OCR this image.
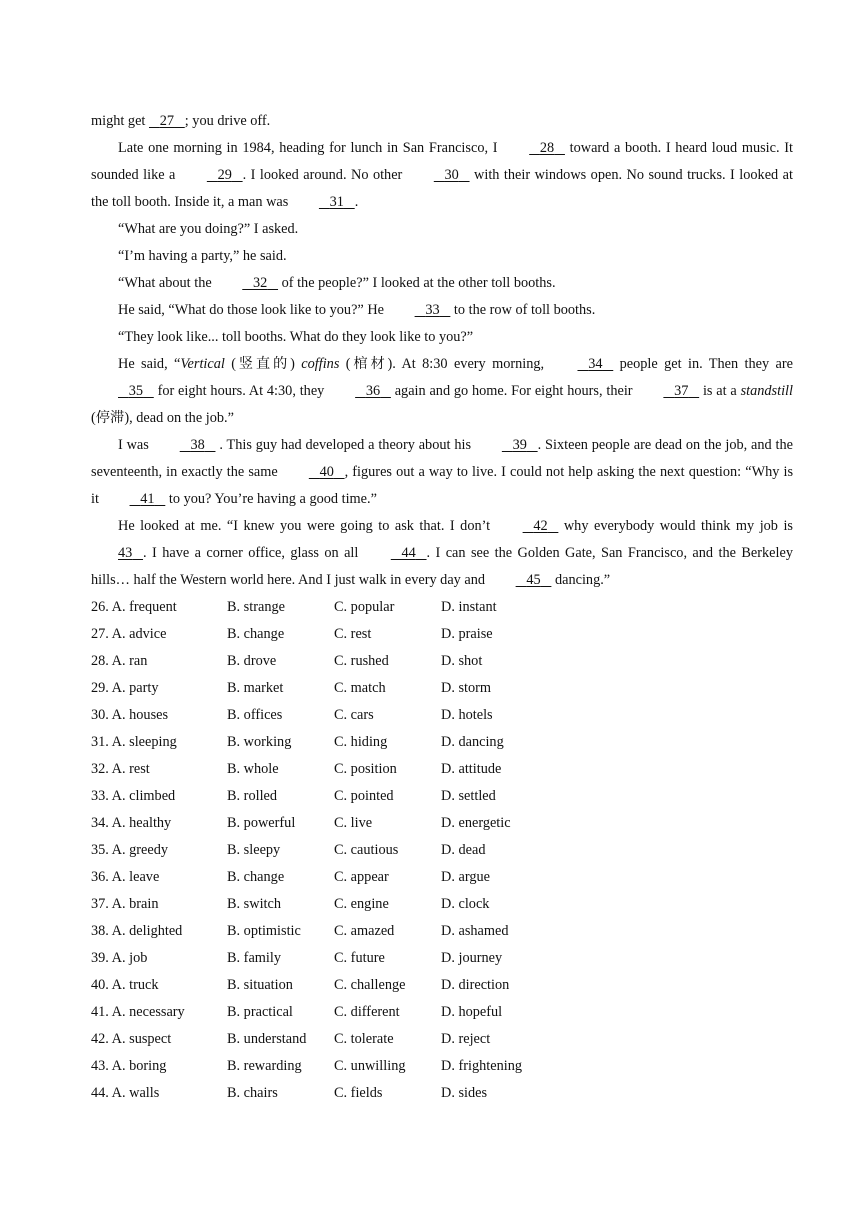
might get    27 ; you drive off.

Late one morning in 1984, heading for lunch in San Francisco, I	28    toward a booth. I heard loud music. It sounded like a	29 . I looked around. No other	30    with their windows open. No sound trucks. I looked at the toll booth. Inside it, a man was	31 .

“What are you doing?” I asked.

“I’m having a party,” he said.

“What about the	32    of the people?” I looked at the other toll booths.

He said, “What do those look like to you?” He	33    to the row of toll booths.

“They look like... toll booths. What do they look like to you?”

He said, “Vertical (竖直的) coffins (棺材). At 8:30 every morning,	34    people get in. Then they are    35    for eight hours. At 4:30, they	36    again and go home. For eight hours, their	37    is at a standstill (停滞), dead on the job.”

I was	38    . This guy had developed a theory about his	39 . Sixteen people are dead on the job, and the seventeenth, in exactly the same	40 , figures out a way to live. I could not help asking the next question: “Why is it	41    to you? You’re having a good time.”

He looked at me. “I knew you were going to ask that. I don’t	42    why everybody would think my job is 43 . I have a corner office, glass on all	44 . I can see the Golden Gate, San Francisco, and the Berkeley hills… half the Western world here. And I just walk in every day and	45    dancing.”

26. A. frequent	B. strange	C. popular	D. instant
27. A. advice	B. change	C. rest	D. praise
28. A. ran	B. drove	C. rushed	D. shot
29. A. party	B. market	C. match	D. storm
30. A. houses	B. offices	C. cars	D. hotels
31. A. sleeping	B. working	C. hiding	D. dancing
32. A. rest	B. whole	C. position	D. attitude
33. A. climbed	B. rolled	C. pointed	D. settled
34. A. healthy	B. powerful	C. live	D. energetic
35. A. greedy	B. sleepy	C. cautious	D. dead
36. A. leave	B. change	C. appear	D. argue
37. A. brain	B. switch	C. engine	D. clock
38. A. delighted	B. optimistic	C. amazed	D. ashamed
39. A. job	B. family	C. future	D. journey
40. A. truck	B. situation	C. challenge	D. direction
41. A. necessary	B. practical	C. different	D. hopeful
42. A. suspect	B. understand	C. tolerate	D. reject
43. A. boring	B. rewarding	C. unwilling	D. frightening
44. A. walls	B. chairs	C. fields	D. sides
